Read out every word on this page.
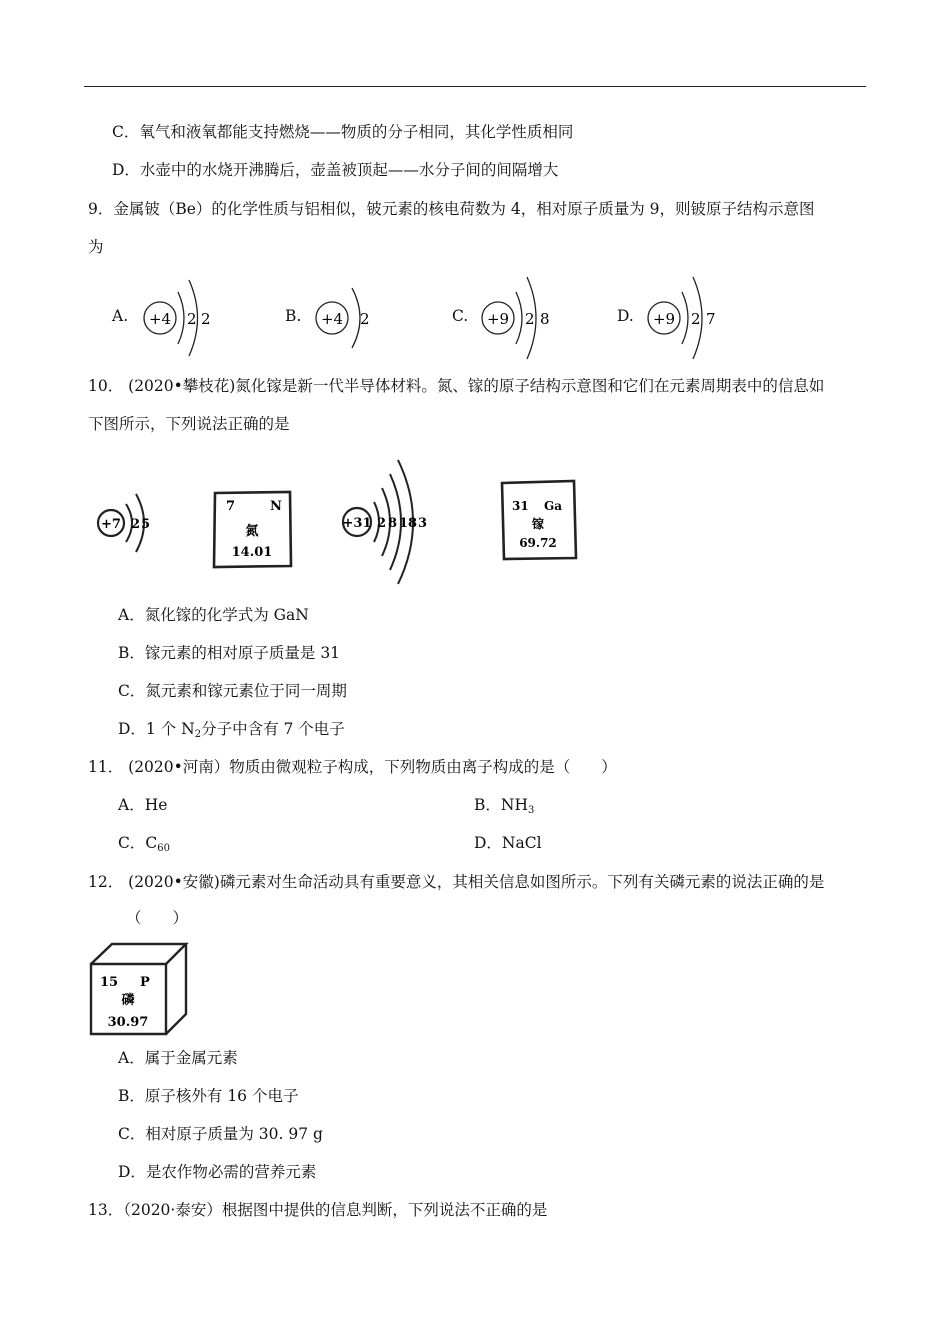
C．氧气和液氧都能支持燃烧——物质的分子相同，其化学性质相同
D．水壶中的水烧开沸腾后，壶盖被顶起——水分子间的间隔增大
9．金属铍（Be）的化学性质与铝相似，铍元素的核电荷数为 4，相对原子质量为 9，则铍原子结构示意图
为
A. +4 2 2	B. +4 2	C. +9 2 8	D. +9 2 7
10． (2020•攀枝花)氮化镓是新一代半导体材料。氮、镓的原子结构示意图和它们在元素周期表中的信息如
下图所示，下列说法正确的是
+7 2 5
7	N
氮
14.01
+31 2 8 18 3
31 Ga
镓
69.72
A．氮化镓的化学式为 GaN
B．镓元素的相对原子质量是 31
C．氮元素和镓元素位于同一周期
D．1 个 $N_2$分子中含有 7 个电子
11． (2020•河南）物质由微观粒子构成，下列物质由离子构成的是（　　）
A．He	B．$NH_3$
C．$C_{60}$	D．NaCl
12． (2020•安徽)磷元素对生命活动具有重要意义，其相关信息如图所示。下列有关磷元素的说法正确的是
（　　）
15 P
磷
30.97
A．属于金属元素
B．原子核外有 16 个电子
C．相对原子质量为 30. 97 g
D．是农作物必需的营养元素
13．（2020·泰安）根据图中提供的信息判断，下列说法不正确的是
